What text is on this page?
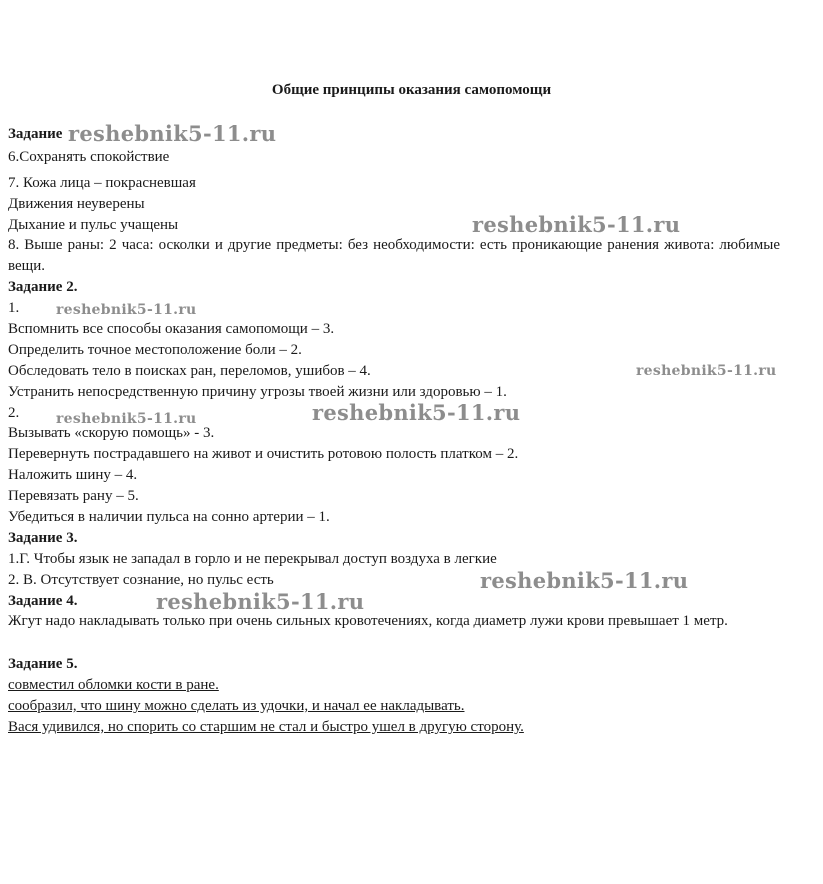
Общие принципы оказания самопомощи
Задание
6.Сохранять спокойствие
7. Кожа лица – покрасневшая
Движения неуверены
Дыхание и пульс учащены
8. Выше раны: 2 часа: осколки и другие предметы: без необходимости: есть проникающие ранения живота: любимые вещи.
Задание 2.
1.
Вспомнить все способы оказания самопомощи – 3.
Определить точное местоположение боли – 2.
Обследовать тело в поисках ран, переломов, ушибов – 4.
Устранить непосредственную причину угрозы твоей жизни или здоровью – 1.
2.
Вызывать «скорую помощь» - 3.
Перевернуть пострадавшего на живот и очистить ротовою полость платком – 2.
Наложить шину – 4.
Перевязать рану – 5.
Убедиться в наличии пульса на сонно артерии – 1.
Задание 3.
1.Г. Чтобы язык не западал в горло и не перекрывал доступ воздуха в легкие
2. В. Отсутствует сознание, но пульс есть
Задание 4.
Жгут надо накладывать только при очень сильных кровотечениях, когда диаметр лужи крови превышает 1 метр.
Задание 5.
совместил обломки кости в ране.
сообразил, что шину можно сделать из удочки, и начал ее накладывать.
Вася удивился, но спорить со старшим не стал и быстро ушел в другую сторону.
reshebnik5-11.ru
reshebnik5-11.ru
reshebnik5-11.ru
reshebnik5-11.ru
reshebnik5-11.ru
reshebnik5-11.ru
reshebnik5-11.ru
reshebnik5-11.ru
